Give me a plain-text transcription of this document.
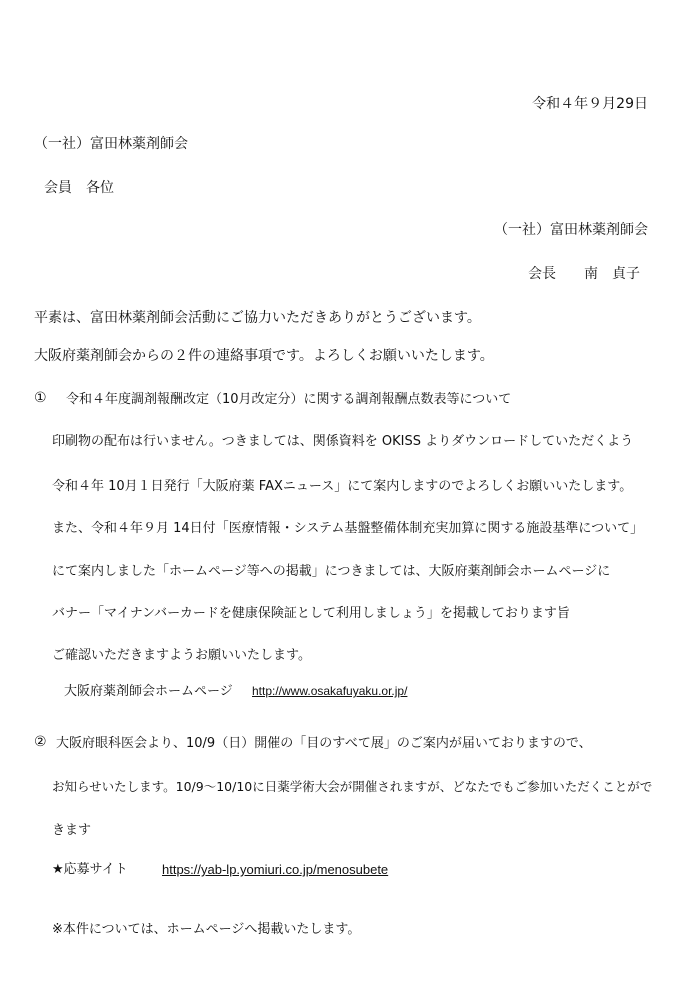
令和４年９月29日
（一社）富田林薬剤師会
会員　各位
（一社）富田林薬剤師会
会長　　南　貞子
平素は、富田林薬剤師会活動にご協力いただきありがとうございます。
大阪府薬剤師会からの２件の連絡事項です。よろしくお願いいたします。
① 令和４年度調剤報酬改定（10月改定分）に関する調剤報酬点数表等について
印刷物の配布は行いません。つきましては、関係資料を OKISS よりダウンロードしていただくよう
令和４年 10月１日発行「大阪府薬 FAXニュース」にて案内しますのでよろしくお願いいたします。
また、令和４年９月 14日付「医療情報・システム基盤整備体制充実加算に関する施設基準について」
にて案内しました「ホームページ等への掲載」につきましては、大阪府薬剤師会ホームページに
バナー「マイナンバーカードを健康保険証として利用しましょう」を掲載しております旨
ご確認いただきますようお願いいたします。
大阪府薬剤師会ホームページ http://www.osakafuyaku.or.jp/
② 大阪府眼科医会より、10/9（日）開催の「目のすべて展」のご案内が届いておりますので、
お知らせいたします。10/9～10/10に日薬学術大会が開催されますが、どなたでもご参加いただくことがで
きます
★応募サイト	https://yab-lp.yomiuri.co.jp/menosubete
※本件については、ホームページへ掲載いたします。
